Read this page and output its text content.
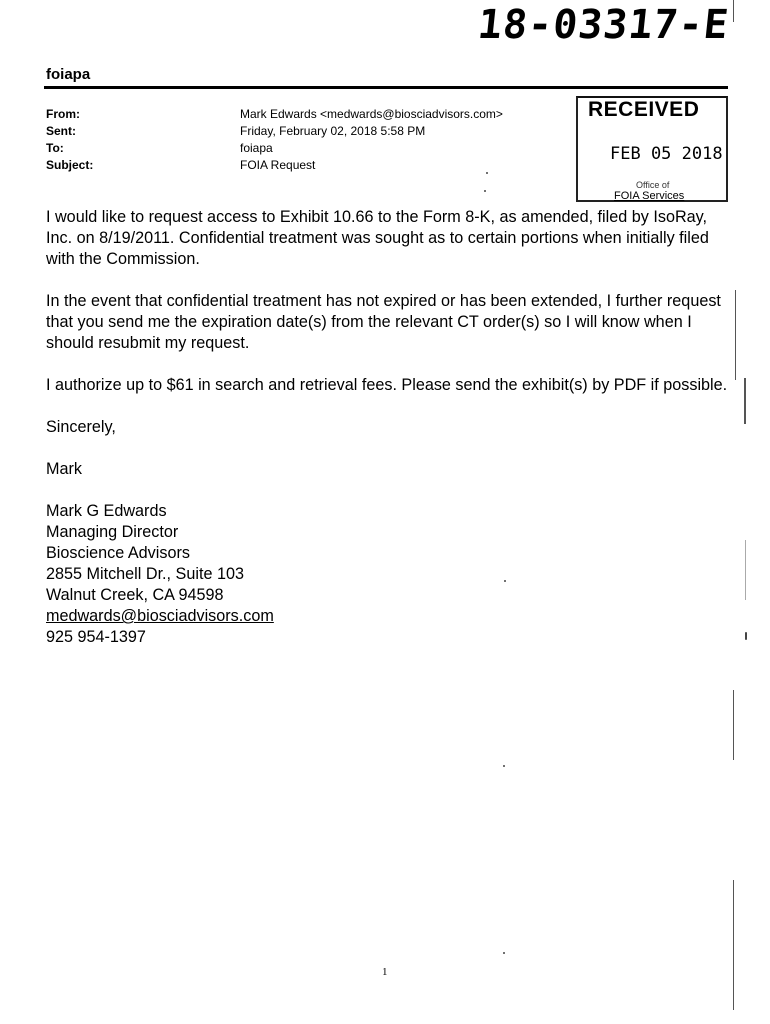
18-03317-E
foiapa
From:
Sent:
To:
Subject:
Mark Edwards <medwards@biosciadvisors.com>
Friday, February 02, 2018 5:58 PM
foiapa
FOIA Request
RECEIVED
FEB 05 2018
Office of
FOIA Services

I would like to request access to Exhibit 10.66 to the Form 8-K, as amended, filed by IsoRay, Inc. on 8/19/2011. Confidential treatment was sought as to certain portions when initially filed with the Commission.

In the event that confidential treatment has not expired or has been extended, I further request that you send me the expiration date(s) from the relevant CT order(s) so I will know when I should resubmit my request.

I authorize up to $61 in search and retrieval fees. Please send the exhibit(s) by PDF if possible.

Sincerely,

Mark

Mark G Edwards
Managing Director
Bioscience Advisors
2855 Mitchell Dr., Suite 103
Walnut Creek, CA 94598
medwards@biosciadvisors.com
925 954-1397
1
